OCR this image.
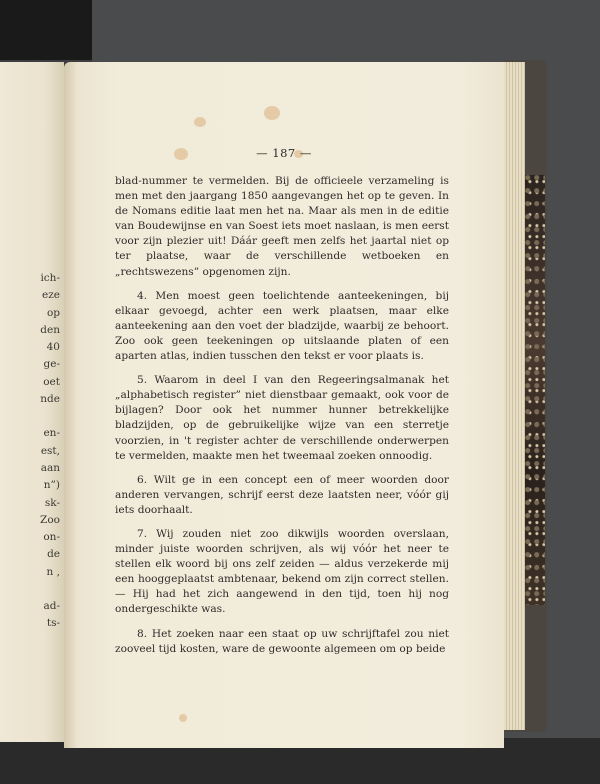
ich-
eze
op
den
40
ge-
oet
nde
en-
est,
aan
n”)
sk-
Zoo
on-
de
n ,
ad-
ts-
— 187 —

blad-nummer te vermelden. Bij de officieele verzameling is men met den jaargang 1850 aangevangen het op te geven. In de Nomans editie laat men het na. Maar als men in de editie van Boudewijnse en van Soest iets moet naslaan, is men eerst voor zijn plezier uit! Dáár geeft men zelfs het jaartal niet op ter plaatse, waar de verschillende wetboeken en „rechtswezens” opgenomen zijn.

4. Men moest geen toelichtende aanteekeningen, bij elkaar gevoegd, achter een werk plaatsen, maar elke aanteekening aan den voet der bladzijde, waarbij ze behoort. Zoo ook geen teekeningen op uitslaande platen of een aparten atlas, indien tusschen den tekst er voor plaats is.

5. Waarom in deel I van den Regeeringsalmanak het „alphabetisch register” niet dienstbaar gemaakt, ook voor de bijlagen? Door ook het nummer hunner betrekkelijke bladzijden, op de gebruikelijke wijze van een sterretje voorzien, in 't register achter de verschillende onderwerpen te vermelden, maakte men het tweemaal zoeken onnoodig.

6. Wilt ge in een concept een of meer woorden door anderen vervangen, schrijf eerst deze laatsten neer, vóór gij iets doorhaalt.

7. Wij zouden niet zoo dikwijls woorden overslaan, minder juiste woorden schrijven, als wij vóór het neer te stellen elk woord bij ons zelf zeiden — aldus verzekerde mij een hooggeplaatst ambtenaar, bekend om zijn correct stellen. — Hij had het zich aangewend in den tijd, toen hij nog ondergeschikte was.

8. Het zoeken naar een staat op uw schrijftafel zou niet zooveel tijd kosten, ware de gewoonte algemeen om op beide
